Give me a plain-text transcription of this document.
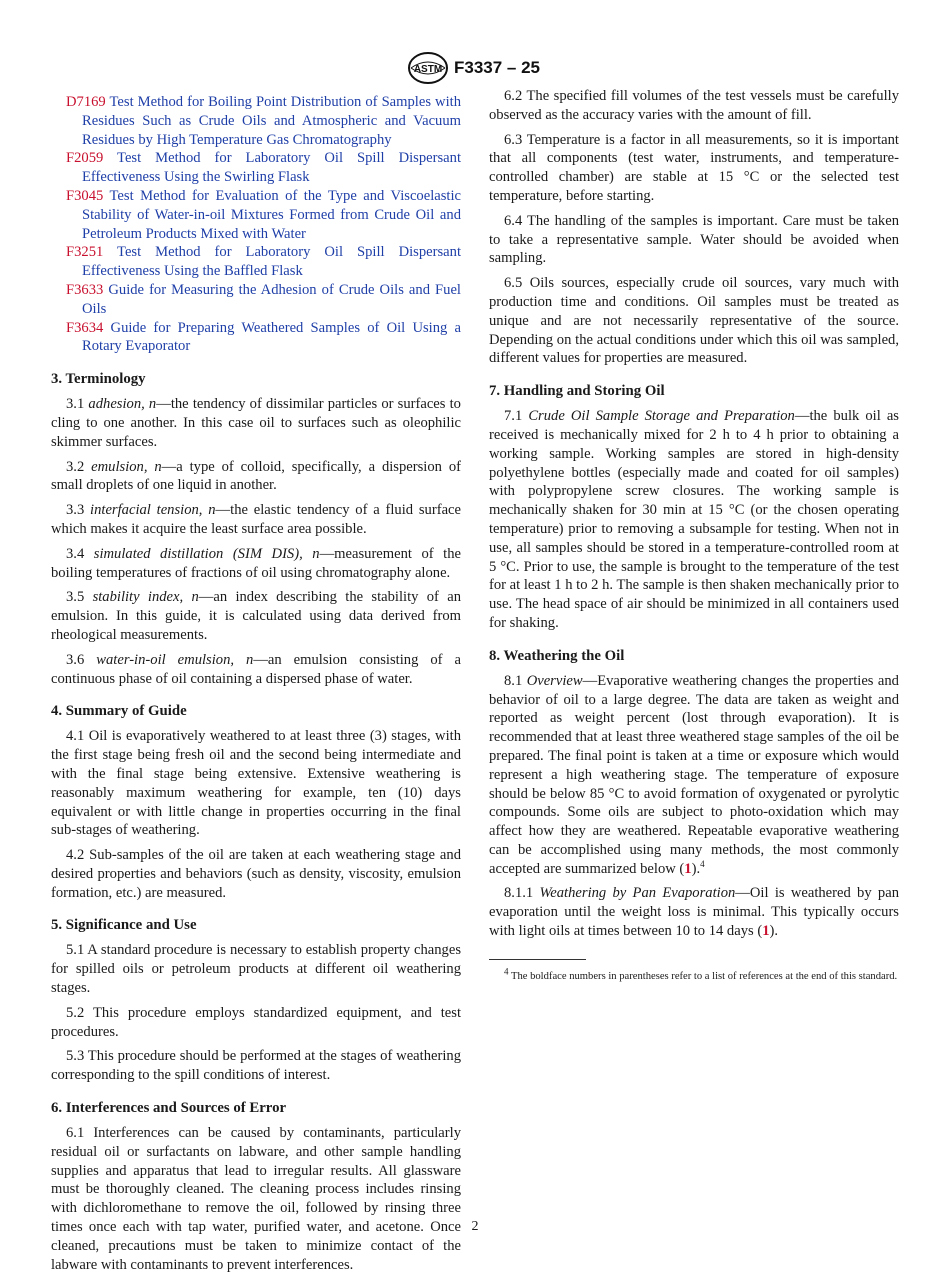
ASTM F3337 – 25

D7169 Test Method for Boiling Point Distribution of Samples with Residues Such as Crude Oils and Atmospheric and Vacuum Residues by High Temperature Gas Chromatography

F2059 Test Method for Laboratory Oil Spill Dispersant Effectiveness Using the Swirling Flask

F3045 Test Method for Evaluation of the Type and Viscoelastic Stability of Water-in-oil Mixtures Formed from Crude Oil and Petroleum Products Mixed with Water

F3251 Test Method for Laboratory Oil Spill Dispersant Effectiveness Using the Baffled Flask

F3633 Guide for Measuring the Adhesion of Crude Oils and Fuel Oils

F3634 Guide for Preparing Weathered Samples of Oil Using a Rotary Evaporator

3. Terminology

3.1 adhesion, n—the tendency of dissimilar particles or surfaces to cling to one another. In this case oil to surfaces such as oleophilic skimmer surfaces.

3.2 emulsion, n—a type of colloid, specifically, a dispersion of small droplets of one liquid in another.

3.3 interfacial tension, n—the elastic tendency of a fluid surface which makes it acquire the least surface area possible.

3.4 simulated distillation (SIM DIS), n—measurement of the boiling temperatures of fractions of oil using chromatography alone.

3.5 stability index, n—an index describing the stability of an emulsion. In this guide, it is calculated using data derived from rheological measurements.

3.6 water-in-oil emulsion, n—an emulsion consisting of a continuous phase of oil containing a dispersed phase of water.

4. Summary of Guide

4.1 Oil is evaporatively weathered to at least three (3) stages, with the first stage being fresh oil and the second being intermediate and with the final stage being extensive. Extensive weathering is reasonably maximum weathering for example, ten (10) days equivalent or with little change in properties occurring in the final sub-stages of weathering.

4.2 Sub-samples of the oil are taken at each weathering stage and desired properties and behaviors (such as density, viscosity, emulsion formation, etc.) are measured.

5. Significance and Use

5.1 A standard procedure is necessary to establish property changes for spilled oils or petroleum products at different oil weathering stages.

5.2 This procedure employs standardized equipment, and test procedures.

5.3 This procedure should be performed at the stages of weathering corresponding to the spill conditions of interest.

6. Interferences and Sources of Error

6.1 Interferences can be caused by contaminants, particularly residual oil or surfactants on labware, and other sample handling supplies and apparatus that lead to irregular results. All glassware must be thoroughly cleaned. The cleaning process includes rinsing with dichloromethane to remove the oil, followed by rinsing three times once each with tap water, purified water, and acetone. Once cleaned, precautions must be taken to minimize contact of the labware with contaminants to prevent interferences.

6.2 The specified fill volumes of the test vessels must be carefully observed as the accuracy varies with the amount of fill.

6.3 Temperature is a factor in all measurements, so it is important that all components (test water, instruments, and temperature-controlled chamber) are stable at 15 °C or the selected test temperature, before starting.

6.4 The handling of the samples is important. Care must be taken to take a representative sample. Water should be avoided when sampling.

6.5 Oils sources, especially crude oil sources, vary much with production time and conditions. Oil samples must be treated as unique and are not necessarily representative of the source. Depending on the actual conditions under which this oil was sampled, different values for properties are measured.

7. Handling and Storing Oil

7.1 Crude Oil Sample Storage and Preparation—the bulk oil as received is mechanically mixed for 2 h to 4 h prior to obtaining a working sample. Working samples are stored in high-density polyethylene bottles (especially made and coated for oil samples) with polypropylene screw closures. The working sample is mechanically shaken for 30 min at 15 °C (or the chosen operating temperature) prior to removing a subsample for testing. When not in use, all samples should be stored in a temperature-controlled room at 5 °C. Prior to use, the sample is brought to the temperature of the test for at least 1 h to 2 h. The sample is then shaken mechanically prior to use. The head space of air should be minimized in all containers used for shaking.

8. Weathering the Oil

8.1 Overview—Evaporative weathering changes the properties and behavior of oil to a large degree. The data are taken as weight and reported as weight percent (lost through evaporation). It is recommended that at least three weathered stage samples of the oil be prepared. The final point is taken at a time or exposure which would represent a high weathering stage. The temperature of exposure should be below 85 °C to avoid formation of oxygenated or pyrolytic compounds. Some oils are subject to photo-oxidation which may affect how they are weathered. Repeatable evaporative weathering can be accomplished using many methods, the most commonly accepted are summarized below (1).$^4$

8.1.1 Weathering by Pan Evaporation—Oil is weathered by pan evaporation until the weight loss is minimal. This typically occurs with light oils at times between 10 to 14 days (1).

$^4$ The boldface numbers in parentheses refer to a list of references at the end of this standard.

2
